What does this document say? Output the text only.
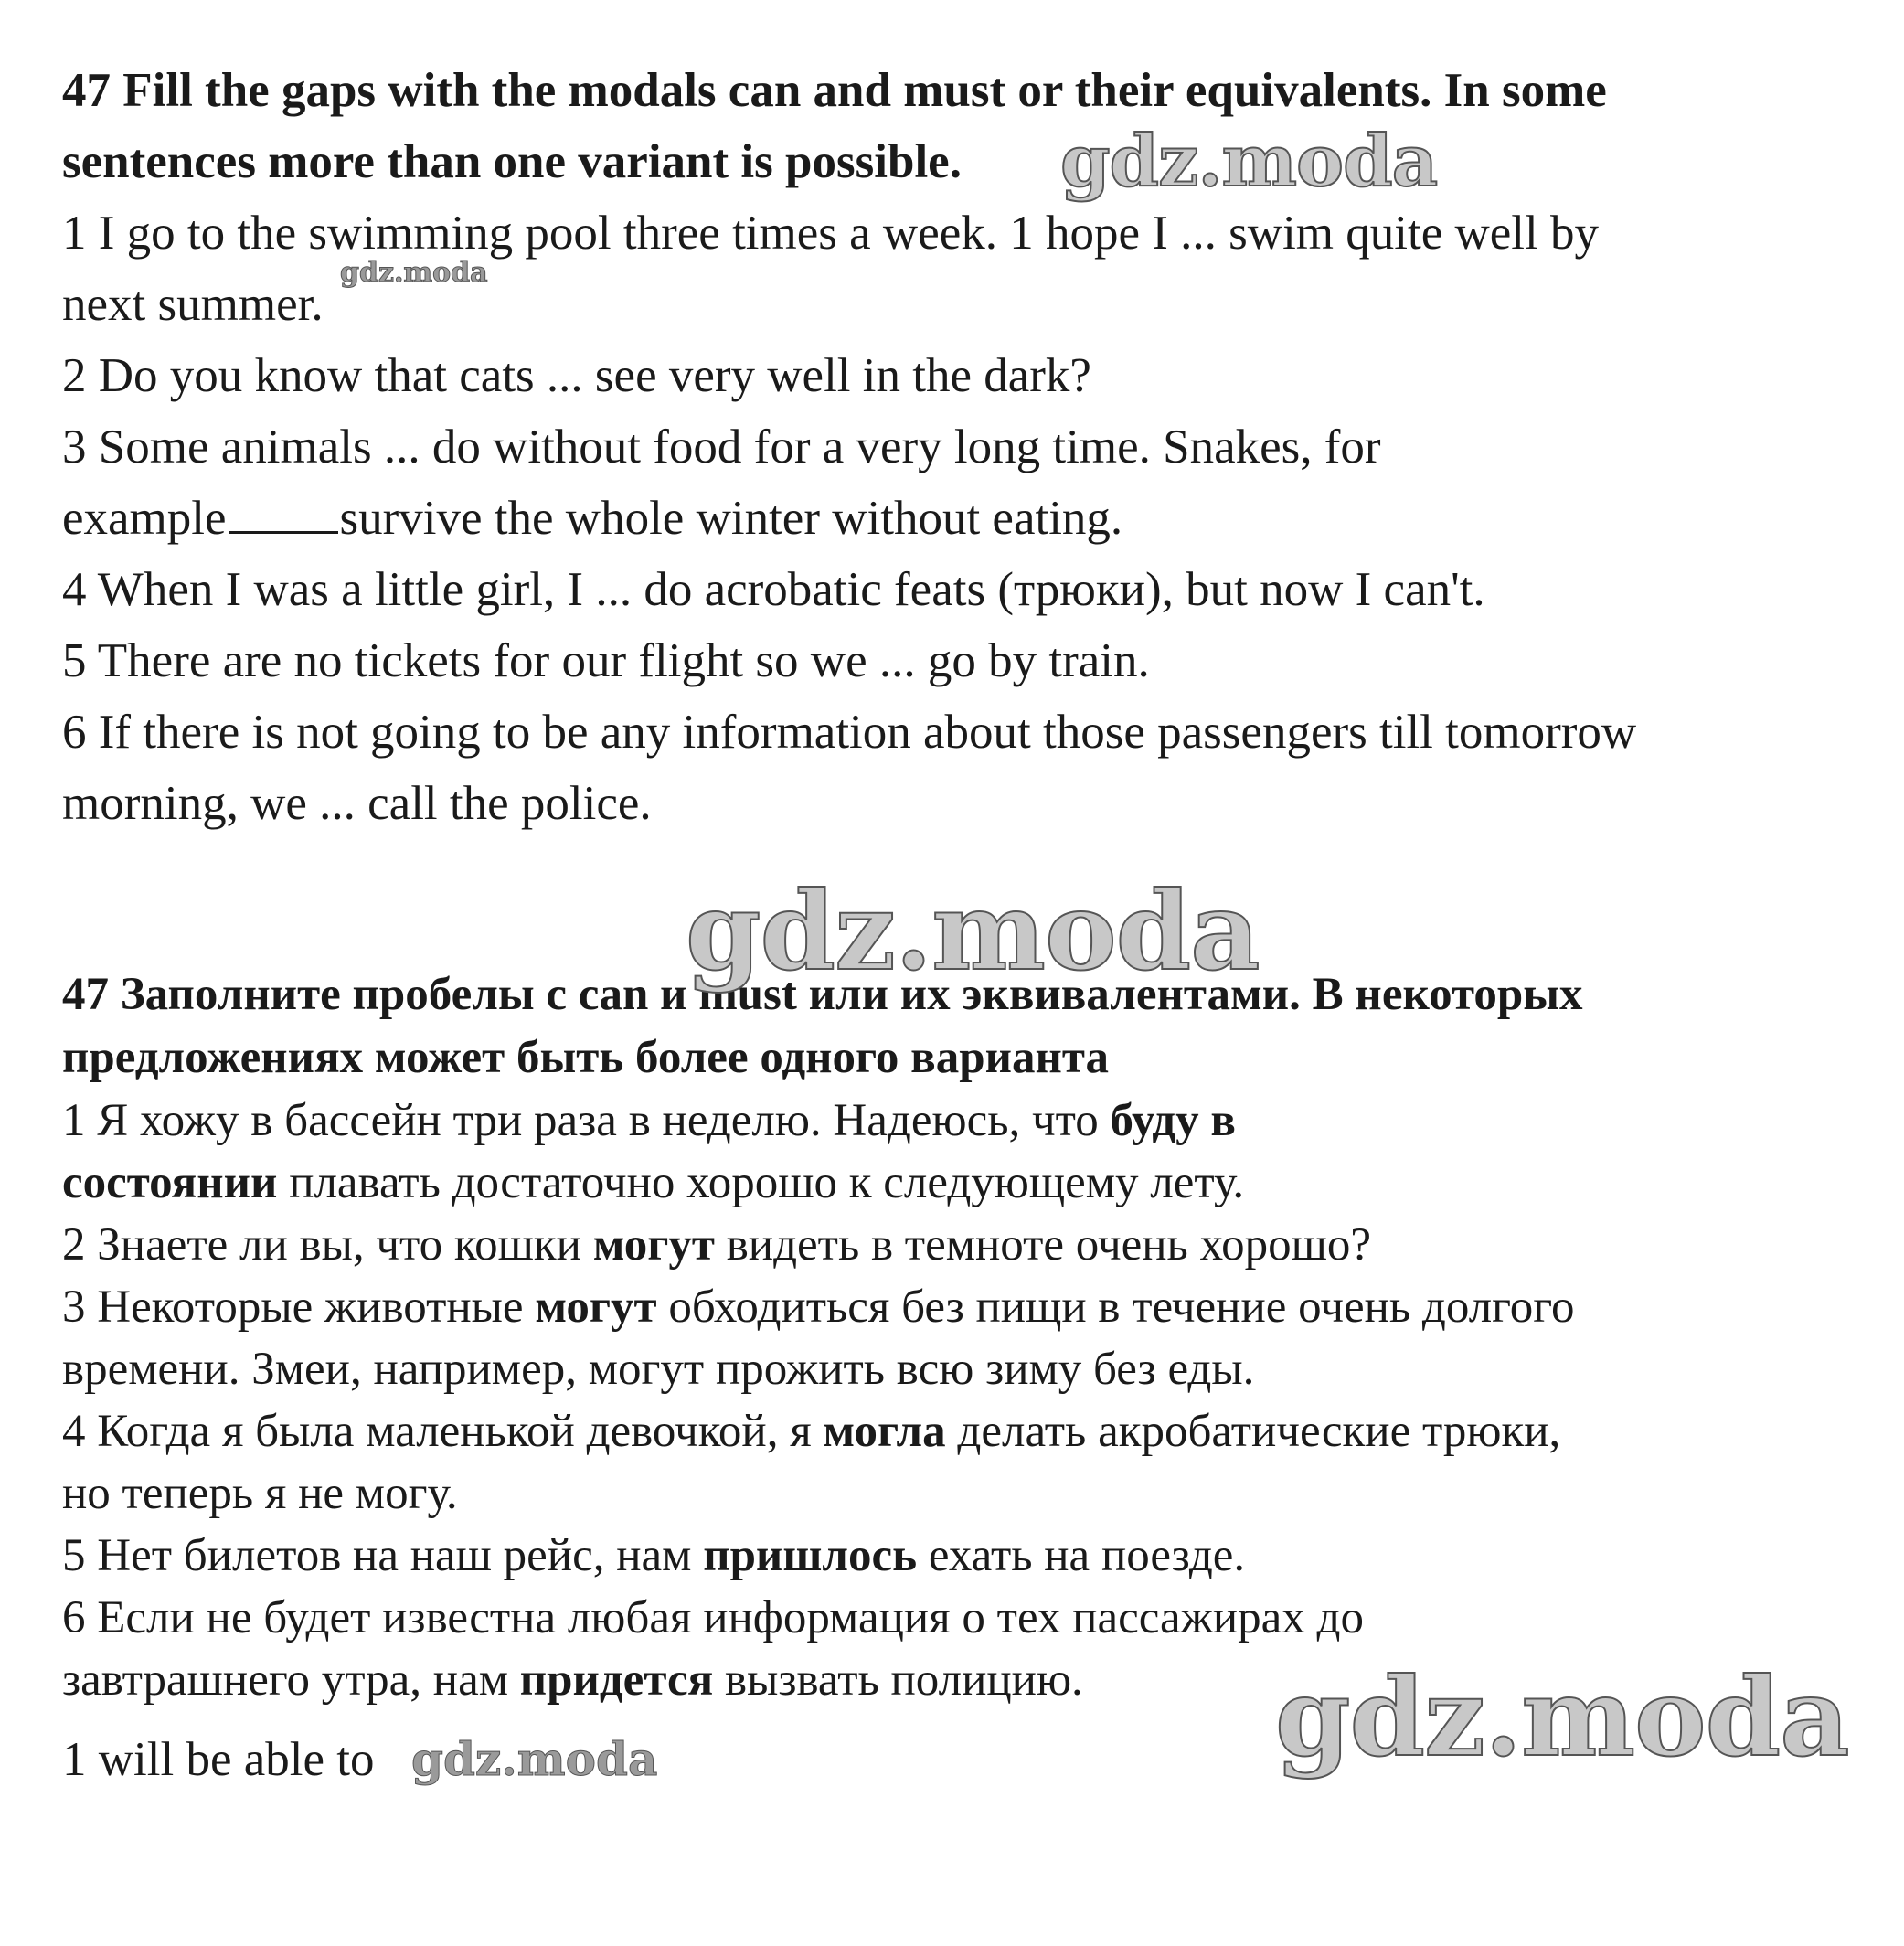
47 Fill the gaps with the modals can and must or their equivalents. In some

sentences more than one variant is possible.

1 I go to the swimming pool three times a week. 1 hope I ... swim quite well by

next summer.

2 Do you know that cats ... see very well in the dark?

3 Some animals ... do without food for a very long time. Snakes, for

example survive the whole winter without eating.

4 When I was a little girl, I ... do acrobatic feats (трюки), but now I can't.

5 There are no tickets for our flight so we ... go by train.

6 If there is not going to be any information about those passengers till tomorrow

morning, we ... call the police.

47 Заполните пробелы с can и must или их эквивалентами. В некоторых

предложениях может быть более одного варианта

1 Я хожу в бассейн три раза в неделю. Надеюсь, что буду в

состоянии плавать достаточно хорошо к следующему лету.

2 Знаете ли вы, что кошки могут видеть в темноте очень хорошо?

3 Некоторые животные могут обходиться без пищи в течение очень долгого

времени. Змеи, например, могут прожить всю зиму без еды.

4 Когда я была маленькой девочкой, я могла делать акробатические трюки,

но теперь я не могу.

5 Нет билетов на наш рейс, нам пришлось ехать на поезде.

6 Если не будет известна любая информация о тех пассажирах до

завтрашнего утра, нам придется вызвать полицию.

1 will be able to

gdz.moda
gdz.moda
gdz.moda
gdz.moda
gdz.moda
